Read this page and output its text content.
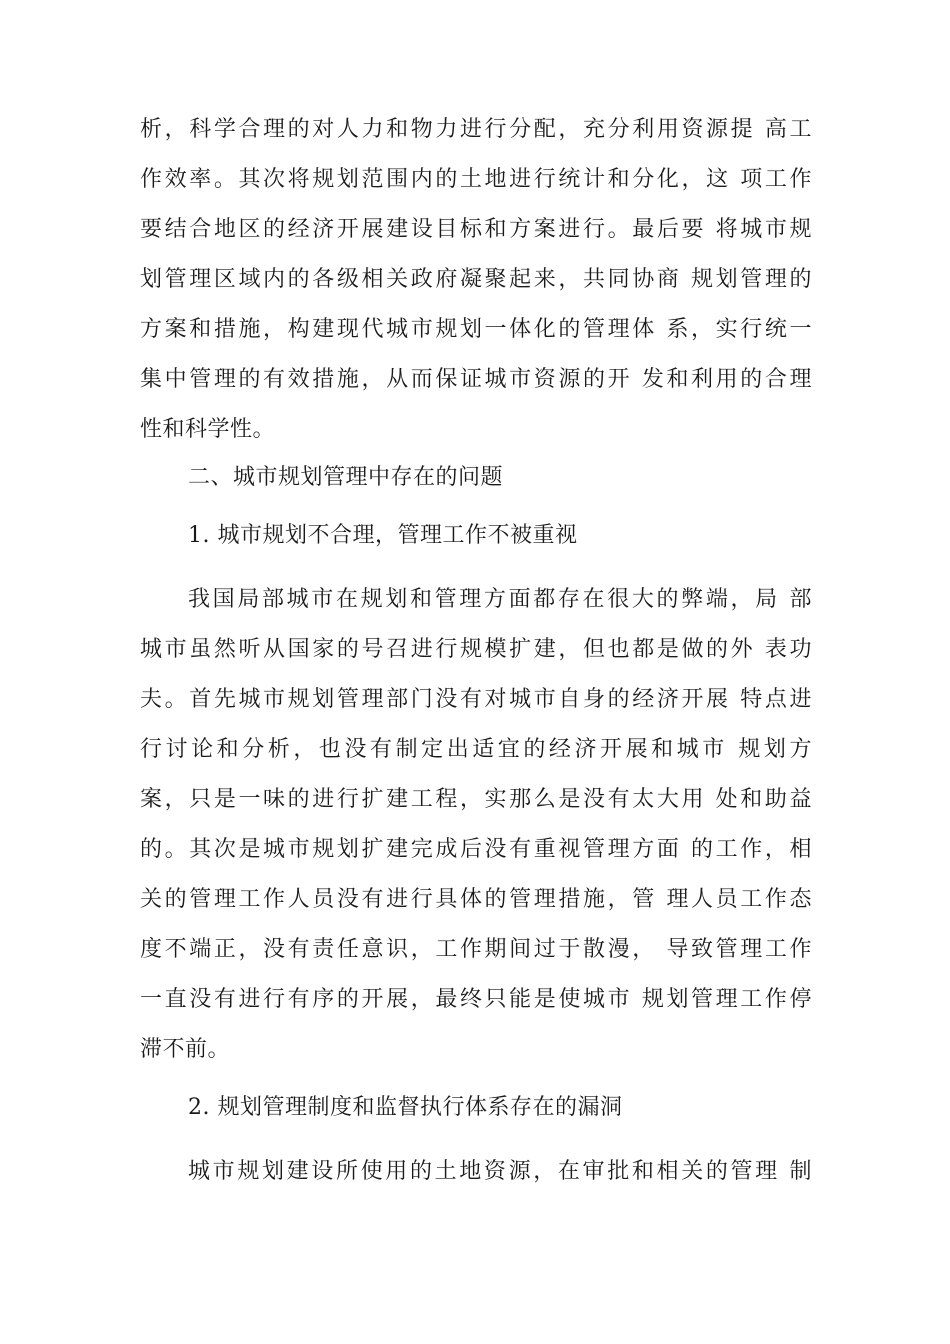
析，科学合理的对人力和物力进行分配，充分利用资源提 高工
作效率。其次将规划范围内的土地进行统计和分化，这 项工作
要结合地区的经济开展建设目标和方案进行。最后要 将城市规
划管理区域内的各级相关政府凝聚起来，共同协商 规划管理的
方案和措施，构建现代城市规划一体化的管理体 系，实行统一
集中管理的有效措施，从而保证城市资源的开 发和利用的合理
性和科学性。
二、城市规划管理中存在的问题
1. 城市规划不合理，管理工作不被重视
我国局部城市在规划和管理方面都存在很大的弊端，局 部
城市虽然听从国家的号召进行规模扩建，但也都是做的外 表功
夫。首先城市规划管理部门没有对城市自身的经济开展 特点进
行讨论和分析，也没有制定出适宜的经济开展和城市 规划方
案，只是一味的进行扩建工程，实那么是没有太大用 处和助益
的。其次是城市规划扩建完成后没有重视管理方面 的工作，相
关的管理工作人员没有进行具体的管理措施，管 理人员工作态
度不端正，没有责任意识，工作期间过于散漫， 导致管理工作
一直没有进行有序的开展，最终只能是使城市 规划管理工作停
滞不前。
2. 规划管理制度和监督执行体系存在的漏洞
城市规划建设所使用的土地资源，在审批和相关的管理 制
